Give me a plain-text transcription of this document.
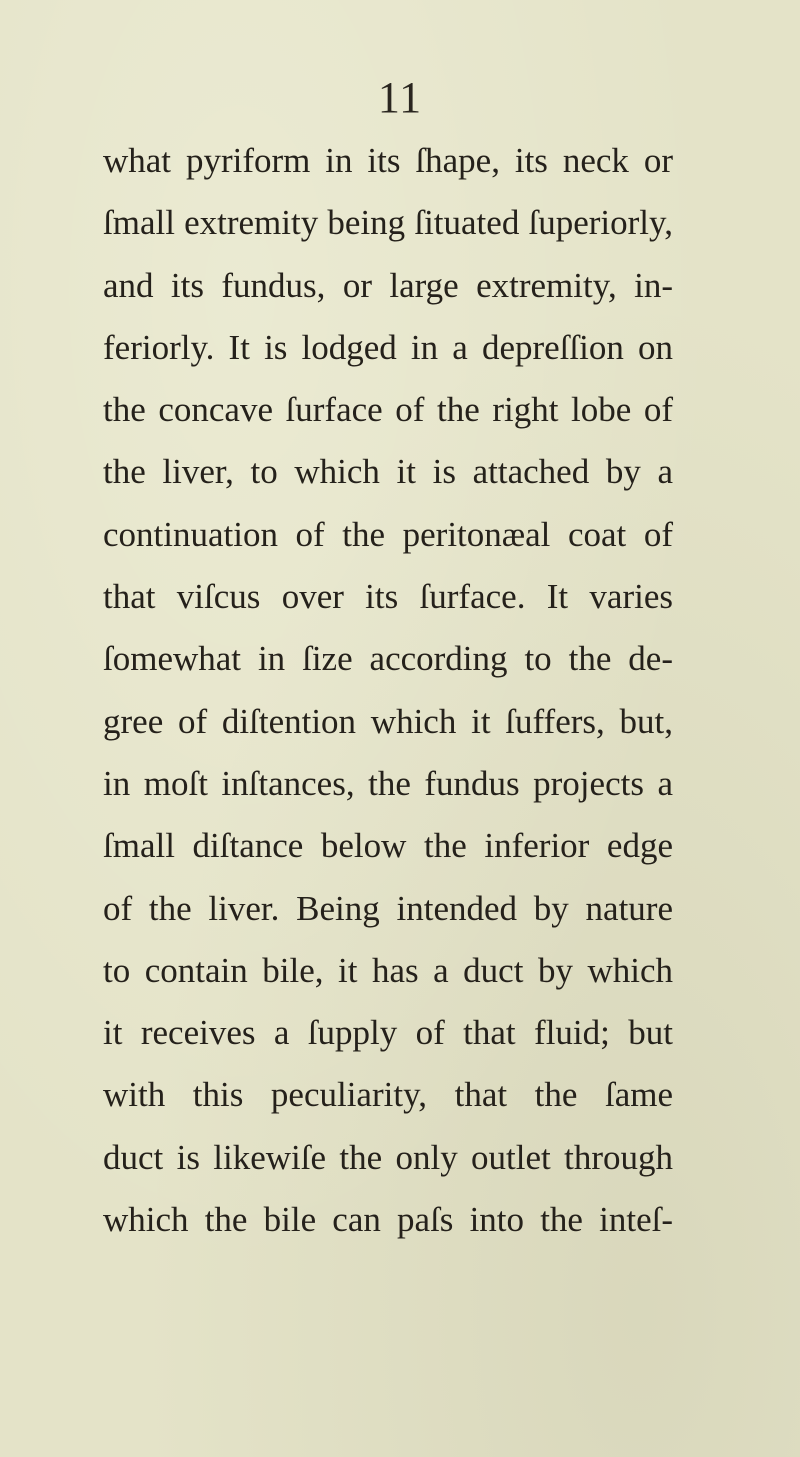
11
what pyriform in its ſhape, its neck or
ſmall extremity being ſituated ſuperiorly,
and its fundus, or large extremity, in-
feriorly. It is lodged in a depreſſion on
the concave ſurface of the right lobe of
the liver, to which it is attached by a
continuation of the peritonæal coat of
that viſcus over its ſurface. It varies
ſomewhat in ſize according to the de-
gree of diſtention which it ſuffers, but,
in moſt inſtances, the fundus projects a
ſmall diſtance below the inferior edge
of the liver. Being intended by nature
to contain bile, it has a duct by which
it receives a ſupply of that fluid; but
with this peculiarity, that the ſame
duct is likewiſe the only outlet through
which the bile can paſs into the inteſ-
